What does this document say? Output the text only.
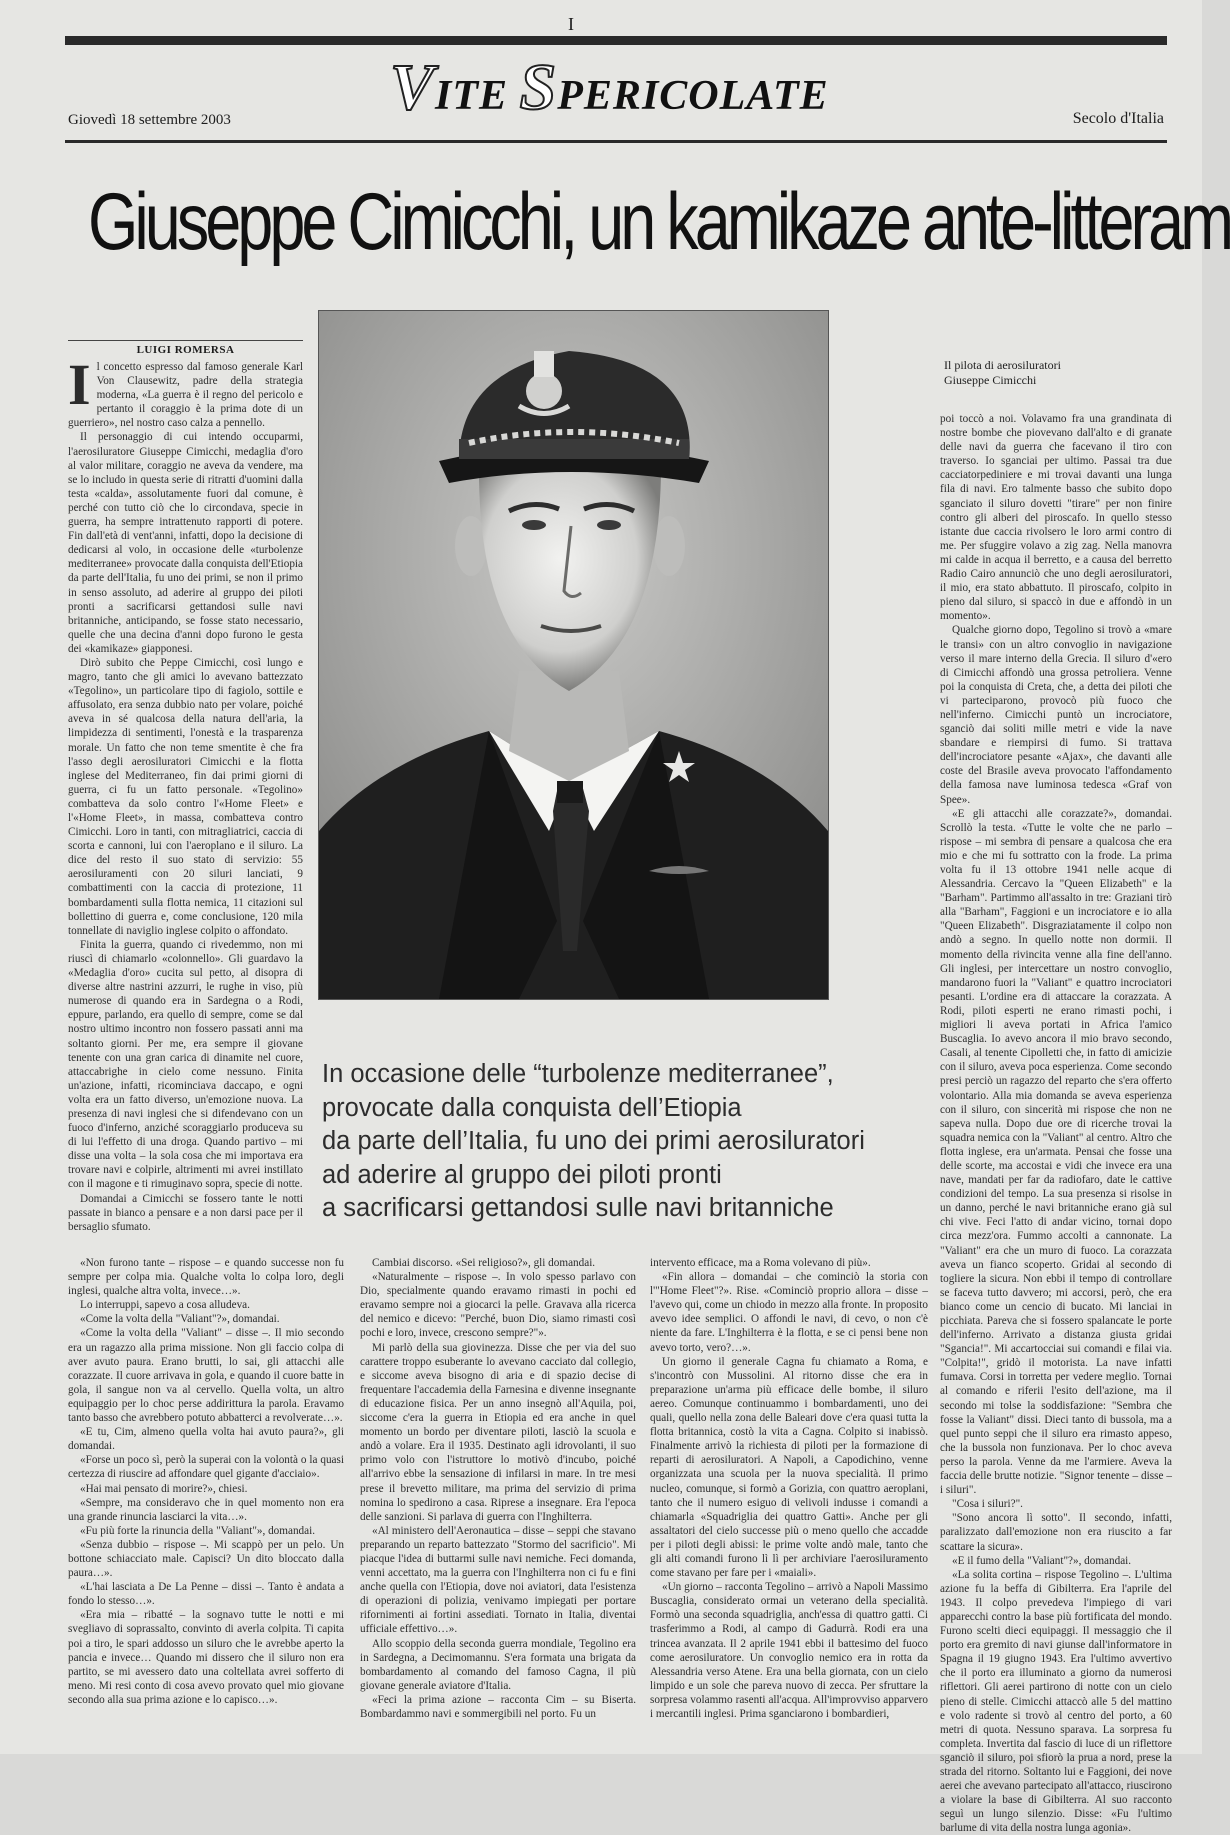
I
VITE SPERICOLATE
Giovedì 18 settembre 2003	Secolo d'Italia
Giuseppe Cimicchi, un kamikaze ante-litteram
LUIGI ROMERSA
I l concetto espresso dal famoso generale Karl Von Clausewitz, padre della strategia moderna, «La guerra è il regno del pericolo e pertanto il coraggio è la prima dote di un guerriero», nel nostro caso calza a pennello.

Il personaggio di cui intendo occuparmi, l'aerosiluratore Giuseppe Cimicchi, medaglia d'oro al valor militare, coraggio ne aveva da vendere, ma se lo includo in questa serie di ritratti d'uomini dalla testa «calda», assolutamente fuori dal comune, è perché con tutto ciò che lo circondava, specie in guerra, ha sempre intrattenuto rapporti di potere. Fin dall'età di vent'anni, infatti, dopo la decisione di dedicarsi al volo, in occasione delle «turbolenze mediterranee» provocate dalla conquista dell'Etiopia da parte dell'Italia, fu uno dei primi, se non il primo in senso assoluto, ad aderire al gruppo dei piloti pronti a sacrificarsi gettandosi sulle navi britanniche, anticipando, se fosse stato necessario, quelle che una decina d'anni dopo furono le gesta dei «kamikaze» giapponesi.

Dirò subito che Peppe Cimicchi, così lungo e magro, tanto che gli amici lo avevano battezzato «Tegolino», un particolare tipo di fagiolo, sottile e affusolato, era senza dubbio nato per volare, poiché aveva in sé qualcosa della natura dell'aria, la limpidezza di sentimenti, l'onestà e la trasparenza morale. Un fatto che non teme smentite è che fra l'asso degli aerosiluratori Cimicchi e la flotta inglese del Mediterraneo, fin dai primi giorni di guerra, ci fu un fatto personale. «Tegolino» combatteva da solo contro l'«Home Fleet» e l'«Home Fleet», in massa, combatteva contro Cimicchi. Loro in tanti, con mitragliatrici, caccia di scorta e cannoni, lui con l'aeroplano e il siluro. La dice del resto il suo stato di servizio: 55 aerosiluramenti con 20 siluri lanciati, 9 combattimenti con la caccia di protezione, 11 bombardamenti sulla flotta nemica, 11 citazioni sul bollettino di guerra e, come conclusione, 120 mila tonnellate di naviglio inglese colpito o affondato.

Finita la guerra, quando ci rivedemmo, non mi riuscì di chiamarlo «colonnello». Gli guardavo la «Medaglia d'oro» cucita sul petto, al disopra di diverse altre nastrini azzurri, le rughe in viso, più numerose di quando era in Sardegna o a Rodi, eppure, parlando, era quello di sempre, come se dal nostro ultimo incontro non fossero passati anni ma soltanto giorni. Per me, era sempre il giovane tenente con una gran carica di dinamite nel cuore, attaccabrighe in cielo come nessuno. Finita un'azione, infatti, ricominciava daccapo, e ogni volta era un fatto diverso, un'emozione nuova. La presenza di navi inglesi che si difendevano con un fuoco d'inferno, anziché scoraggiarlo produceva su di lui l'effetto di una droga. Quando partivo – mi disse una volta – la sola cosa che mi importava era trovare navi e colpirle, altrimenti mi avrei instillato con il magone e ti rimuginavo sopra, specie di notte.

Domandai a Cimicchi se fossero tante le notti passate in bianco a pensare e a non darsi pace per il bersaglio sfumato.

Il pilota di aerosiluratori
Giuseppe Cimicchi

poi toccò a noi. Volavamo fra una grandinata di nostre bombe che piovevano dall'alto e di granate delle navi da guerra che facevano il tiro con traverso. Io sganciai per ultimo. Passai tra due cacciatorpediniere e mi trovai davanti una lunga fila di navi. Ero talmente basso che subito dopo sganciato il siluro dovetti "tirare" per non finire contro gli alberi del piroscafo. In quello stesso istante due caccia rivolsero le loro armi contro di me. Per sfuggire volavo a zig zag. Nella manovra mi calde in acqua il berretto, e a causa del berretto Radio Cairo annunciò che uno degli aerosiluratori, il mio, era stato abbattuto. Il piroscafo, colpito in pieno dal siluro, si spaccò in due e affondò in un momento».

Qualche giorno dopo, Tegolino si trovò a «mare le transi» con un altro convoglio in navigazione verso il mare interno della Grecia. Il siluro d'«ero di Cimicchi affondò una grossa petroliera. Venne poi la conquista di Creta, che, a detta dei piloti che vi parteciparono, provocò più fuoco che nell'inferno. Cimicchi puntò un incrociatore, sganciò dai soliti mille metri e vide la nave sbandare e riempirsi di fumo. Si trattava dell'incrociatore pesante «Ajax», che davanti alle coste del Brasile aveva provocato l'affondamento della famosa nave luminosa tedesca «Graf von Spee».

«E gli attacchi alle corazzate?», domandai. Scrollò la testa. «Tutte le volte che ne parlo – rispose – mi sembra di pensare a qualcosa che era mio e che mi fu sottratto con la frode. La prima volta fu il 13 ottobre 1941 nelle acque di Alessandria. Cercavo la "Queen Elizabeth" e la "Barham". Partimmo all'assalto in tre: Graziani tirò alla "Barham", Faggioni e un incrociatore e io alla "Queen Elizabeth". Disgraziatamente il colpo non andò a segno. In quello notte non dormii. Il momento della rivincita venne alla fine dell'anno. Gli inglesi, per intercettare un nostro convoglio, mandarono fuori la "Valiant" e quattro incrociatori pesanti. L'ordine era di attaccare la corazzata. A Rodi, piloti esperti ne erano rimasti pochi, i migliori li aveva portati in Africa l'amico Buscaglia. Io avevo ancora il mio bravo secondo, Casali, al tenente Cipolletti che, in fatto di amicizie con il siluro, aveva poca esperienza. Come secondo presi perciò un ragazzo del reparto che s'era offerto volontario. Alla mia domanda se aveva esperienza con il siluro, con sincerità mi rispose che non ne sapeva nulla. Dopo due ore di ricerche trovai la squadra nemica con la "Valiant" al centro. Altro che flotta inglese, era un'armata. Pensai che fosse una delle scorte, ma accostai e vidi che invece era una nave, mandati per far da radiofaro, date le cattive condizioni del tempo. La sua presenza si risolse in un danno, perché le navi britanniche erano già sul chi vive. Feci l'atto di andar vicino, tornai dopo circa mezz'ora. Fummo accolti a cannonate. La "Valiant" era che un muro di fuoco. La corazzata aveva un fianco scoperto. Gridai al secondo di togliere la sicura. Non ebbi il tempo di controllare se faceva tutto davvero; mi accorsi, però, che era bianco come un cencio di bucato. Mi lanciai in picchiata. Pareva che si fossero spalancate le porte dell'inferno. Arrivato a distanza giusta gridai "Sgancia!". Mi accartocciai sui comandi e filai via. "Colpita!", gridò il motorista. La nave infatti fumava. Corsi in torretta per vedere meglio. Tornai al comando e riferii l'esito dell'azione, ma il secondo mi tolse la soddisfazione: "Sembra che fosse la Valiant" dissi. Dieci tanto di bussola, ma a quel punto seppi che il siluro era rimasto appeso, che la bussola non funzionava. Per lo choc aveva perso la parola. Venne da me l'armiere. Aveva la faccia delle brutte notizie. "Signor tenente – disse – i siluri".

"Cosa i siluri?".

"Sono ancora lì sotto". Il secondo, infatti, paralizzato dall'emozione non era riuscito a far scattare la sicura».

«E il fumo della "Valiant"?», domandai.

«La solita cortina – rispose Tegolino –. L'ultima azione fu la beffa di Gibilterra. Era l'aprile del 1943. Il colpo prevedeva l'impiego di vari apparecchi contro la base più fortificata del mondo. Furono scelti dieci equipaggi. Il messaggio che il porto era gremito di navi giunse dall'informatore in Spagna il 19 giugno 1943. Era l'ultimo avvertivo che il porto era illuminato a giorno da numerosi riflettori. Gli aerei partirono di notte con un cielo pieno di stelle. Cimicchi attaccò alle 5 del mattino e volo radente si trovò al centro del porto, a 60 metri di quota. Nessuno sparava. La sorpresa fu completa. Invertita dal fascio di luce di un riflettore sganciò il siluro, poi sfiorò la prua a nord, prese la strada del ritorno. Soltanto lui e Faggioni, dei nove aerei che avevano partecipato all'attacco, riuscirono a violare la base di Gibilterra. Al suo racconto seguì un lungo silenzio. Disse: «Fu l'ultimo barlume di vita della nostra lunga agonia».

In occasione delle “turbolenze mediterranee”,
provocate dalla conquista dell’Etiopia
da parte dell’Italia, fu uno dei primi aerosiluratori
ad aderire al gruppo dei piloti pronti
a sacrificarsi gettandosi sulle navi britanniche

«Non furono tante – rispose – e quando successe non fu sempre per colpa mia. Qualche volta lo colpa loro, degli inglesi, qualche altra volta, invece…».

Lo interruppi, sapevo a cosa alludeva.

«Come la volta della "Valiant"?», domandai.

«Come la volta della "Valiant" – disse –. Il mio secondo era un ragazzo alla prima missione. Non gli faccio colpa di aver avuto paura. Erano brutti, lo sai, gli attacchi alle corazzate. Il cuore arrivava in gola, e quando il cuore batte in gola, il sangue non va al cervello. Quella volta, un altro equipaggio per lo choc perse addirittura la parola. Eravamo tanto basso che avrebbero potuto abbatterci a revolverate…».

«E tu, Cim, almeno quella volta hai avuto paura?», gli domandai.

«Forse un poco sì, però la superai con la volontà o la quasi certezza di riuscire ad affondare quel gigante d'acciaio».

«Hai mai pensato di morire?», chiesi.

«Sempre, ma consideravo che in quel momento non era una grande rinuncia lasciarci la vita…».

«Fu più forte la rinuncia della "Valiant"», domandai.

«Senza dubbio – rispose –. Mi scappò per un pelo. Un bottone schiacciato male. Capisci? Un dito bloccato dalla paura…».

«L'hai lasciata a De La Penne – dissi –. Tanto è andata a fondo lo stesso…».

«Era mia – ribatté – la sognavo tutte le notti e mi svegliavo di soprassalto, convinto di averla colpita. Ti capita poi a tiro, le spari addosso un siluro che le avrebbe aperto la pancia e invece… Quando mi dissero che il siluro non era partito, se mi avessero dato una coltellata avrei sofferto di meno. Mi resi conto di cosa avevo provato quel mio giovane secondo alla sua prima azione e lo capisco…».

Cambiai discorso. «Sei religioso?», gli domandai.

«Naturalmente – rispose –. In volo spesso parlavo con Dio, specialmente quando eravamo rimasti in pochi ed eravamo sempre noi a giocarci la pelle. Gravava alla ricerca del nemico e dicevo: "Perché, buon Dio, siamo rimasti così pochi e loro, invece, crescono sempre?"».

Mi parlò della sua giovinezza. Disse che per via del suo carattere troppo esuberante lo avevano cacciato dal collegio, e siccome aveva bisogno di aria e di spazio decise di frequentare l'accademia della Farnesina e divenne insegnante di educazione fisica. Per un anno insegnò all'Aquila, poi, siccome c'era la guerra in Etiopia ed era anche in quel momento un bordo per diventare piloti, lasciò la scuola e andò a volare. Era il 1935. Destinato agli idrovolanti, il suo primo volo con l'istruttore lo motivò d'incubo, poiché all'arrivo ebbe la sensazione di infilarsi in mare. In tre mesi prese il brevetto militare, ma prima del servizio di prima nomina lo spedirono a casa. Riprese a insegnare. Era l'epoca delle sanzioni. Si parlava di guerra con l'Inghilterra.

«Al ministero dell'Aeronautica – disse – seppi che stavano preparando un reparto battezzato "Stormo del sacrificio". Mi piacque l'idea di buttarmi sulle navi nemiche. Feci domanda, venni accettato, ma la guerra con l'Inghilterra non ci fu e fini anche quella con l'Etiopia, dove noi aviatori, data l'esistenza di operazioni di polizia, venivamo impiegati per portare rifornimenti ai fortini assediati. Tornato in Italia, diventai ufficiale effettivo…».

Allo scoppio della seconda guerra mondiale, Tegolino era in Sardegna, a Decimomannu. S'era formata una brigata da bombardamento al comando del famoso Cagna, il più giovane generale aviatore d'Italia.

«Feci la prima azione – racconta Cim – su Biserta. Bombardammo navi e sommergibili nel porto. Fu un

intervento efficace, ma a Roma volevano di più».

«Fin allora – domandai – che cominciò la storia con l'"Home Fleet"?». Rise. «Cominciò proprio allora – disse – l'avevo qui, come un chiodo in mezzo alla fronte. In proposito avevo idee semplici. O affondi le navi, di cevo, o non c'è niente da fare. L'Inghilterra è la flotta, e se ci pensi bene non avevo torto, vero?…».

Un giorno il generale Cagna fu chiamato a Roma, e s'incontrò con Mussolini. Al ritorno disse che era in preparazione un'arma più efficace delle bombe, il siluro aereo. Comunque continuammo i bombardamenti, uno dei quali, quello nella zona delle Baleari dove c'era quasi tutta la flotta britannica, costò la vita a Cagna. Colpito si inabissò. Finalmente arrivò la richiesta di piloti per la formazione di reparti di aerosiluratori. A Napoli, a Capodichino, venne organizzata una scuola per la nuova specialità. Il primo nucleo, comunque, si formò a Gorizia, con quattro aeroplani, tanto che il numero esiguo di velivoli indusse i comandi a chiamarla «Squadriglia dei quattro Gatti». Anche per gli assaltatori del cielo successe più o meno quello che accadde per i piloti degli abissi: le prime volte andò male, tanto che gli alti comandi furono lì lì per archiviare l'aerosiluramento come stavano per fare per i «maiali».

«Un giorno – racconta Tegolino – arrivò a Napoli Massimo Buscaglia, considerato ormai un veterano della specialità. Formò una seconda squadriglia, anch'essa di quattro gatti. Ci trasferimmo a Rodi, al campo di Gadurrà. Rodi era una trincea avanzata. Il 2 aprile 1941 ebbi il battesimo del fuoco come aerosiluratore. Un convoglio nemico era in rotta da Alessandria verso Atene. Era una bella giornata, con un cielo limpido e un sole che pareva nuovo di zecca. Per sfruttare la sorpresa volammo rasenti all'acqua. All'improvviso apparvero i mercantili inglesi. Prima sganciarono i bombardieri,
